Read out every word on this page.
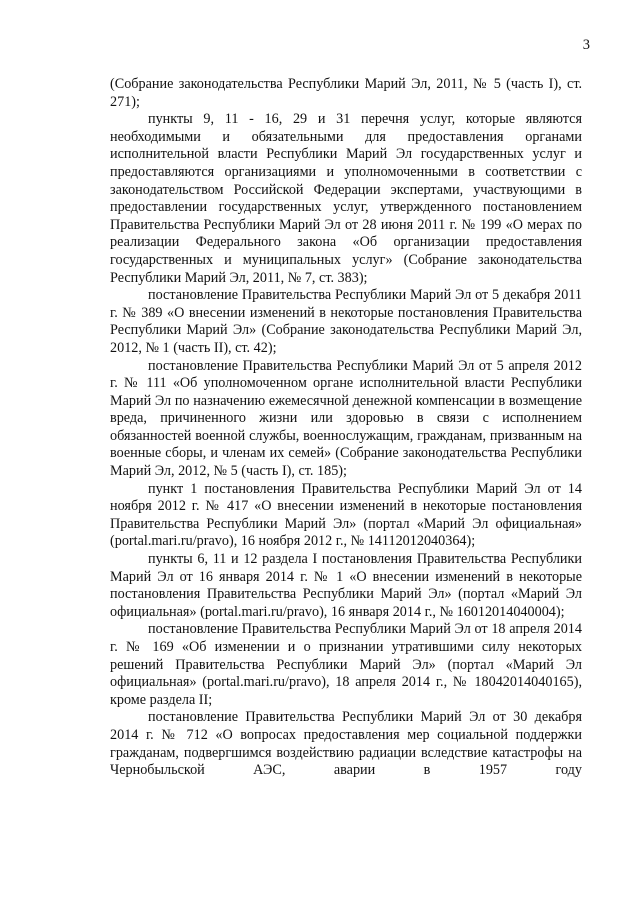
3

(Собрание законодательства Республики Марий Эл, 2011, № 5 (часть I), ст. 271);

пункты 9, 11 - 16, 29 и 31 перечня услуг, которые являются необходимыми и обязательными для предоставления органами исполнительной власти Республики Марий Эл государственных услуг и предоставляются организациями и уполномоченными в соответствии с законодательством Российской Федерации экспертами, участвующими в предоставлении государственных услуг, утвержденного постановлением Правительства Республики Марий Эл от 28 июня 2011 г. № 199 «О мерах по реализации Федерального закона «Об организации предоставления государственных и муниципальных услуг» (Собрание законодательства Республики Марий Эл, 2011, № 7, ст. 383);

постановление Правительства Республики Марий Эл от 5 декабря 2011 г. № 389 «О внесении изменений в некоторые постановления Правительства Республики Марий Эл» (Собрание законодательства Республики Марий Эл, 2012, № 1 (часть II), ст. 42);

постановление Правительства Республики Марий Эл от 5 апреля 2012 г. № 111 «Об уполномоченном органе исполнительной власти Республики Марий Эл по назначению ежемесячной денежной компенсации в возмещение вреда, причиненного жизни или здоровью в связи с исполнением обязанностей военной службы, военнослужащим, гражданам, призванным на военные сборы, и членам их семей» (Собрание законодательства Республики Марий Эл, 2012, № 5 (часть I), ст. 185);

пункт 1 постановления Правительства Республики Марий Эл от 14 ноября 2012 г. № 417 «О внесении изменений в некоторые постановления Правительства Республики Марий Эл» (портал «Марий Эл официальная» (portal.mari.ru/pravo), 16 ноября 2012 г., № 14112012040364);

пункты 6, 11 и 12 раздела I постановления Правительства Республики Марий Эл от 16 января 2014 г. № 1 «О внесении изменений в некоторые постановления Правительства Республики Марий Эл» (портал «Марий Эл официальная» (portal.mari.ru/pravo), 16 января 2014 г., № 16012014040004);

постановление Правительства Республики Марий Эл от 18 апреля 2014 г. № 169 «Об изменении и о признании утратившими силу некоторых решений Правительства Республики Марий Эл» (портал «Марий Эл официальная» (portal.mari.ru/pravo), 18 апреля 2014 г., № 18042014040165), кроме раздела II;

постановление Правительства Республики Марий Эл от 30 декабря 2014 г. № 712 «О вопросах предоставления мер социальной поддержки гражданам, подвергшимся воздействию радиации вследствие катастрофы на Чернобыльской АЭС, аварии в 1957 году
